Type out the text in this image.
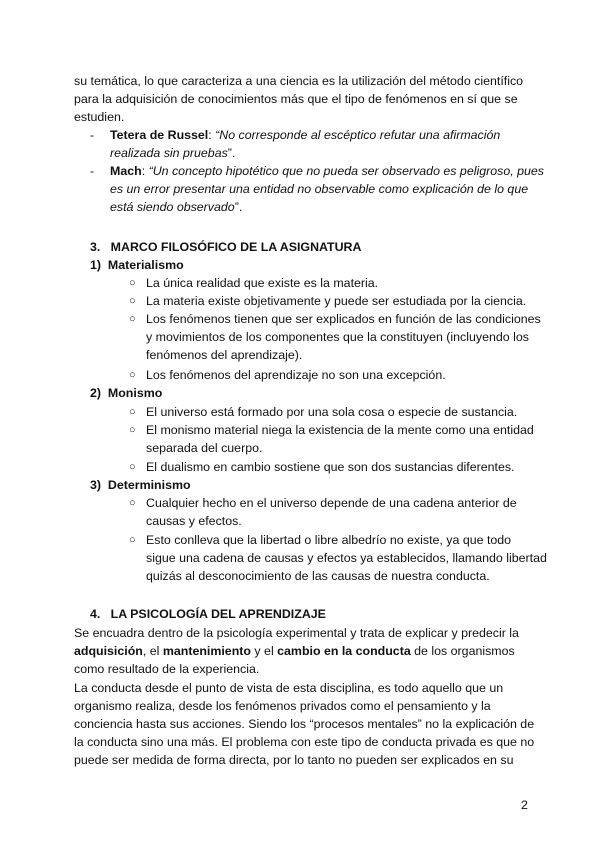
su temática, lo que caracteriza a una ciencia es la utilización del método científico
para la adquisición de conocimientos más que el tipo de fenómenos en sí que se
estudien.
- Tetera de Russel: “No corresponde al escéptico refutar una afirmación
realizada sin pruebas”.
- Mach: “Un concepto hipotético que no pueda ser observado es peligroso, pues
es un error presentar una entidad no observable como explicación de lo que
está siendo observado”.
3. MARCO FILOSÓFICO DE LA ASIGNATURA
1) Materialismo
○ La única realidad que existe es la materia.
○ La materia existe objetivamente y puede ser estudiada por la ciencia.
○ Los fenómenos tienen que ser explicados en función de las condiciones
y movimientos de los componentes que la constituyen (incluyendo los
fenómenos del aprendizaje).
○ Los fenómenos del aprendizaje no son una excepción.
2) Monismo
○ El universo está formado por una sola cosa o especie de sustancia.
○ El monismo material niega la existencia de la mente como una entidad
separada del cuerpo.
○ El dualismo en cambio sostiene que son dos sustancias diferentes.
3) Determinismo
○ Cualquier hecho en el universo depende de una cadena anterior de
causas y efectos.
○ Esto conlleva que la libertad o libre albedrío no existe, ya que todo
sigue una cadena de causas y efectos ya establecidos, llamando libertad
quizás al desconocimiento de las causas de nuestra conducta.
4. LA PSICOLOGÍA DEL APRENDIZAJE
Se encuadra dentro de la psicología experimental y trata de explicar y predecir la
adquisición, el mantenimiento y el cambio en la conducta de los organismos
como resultado de la experiencia.
La conducta desde el punto de vista de esta disciplina, es todo aquello que un
organismo realiza, desde los fenómenos privados como el pensamiento y la
conciencia hasta sus acciones. Siendo los “procesos mentales” no la explicación de
la conducta sino una más. El problema con este tipo de conducta privada es que no
puede ser medida de forma directa, por lo tanto no pueden ser explicados en su
2
